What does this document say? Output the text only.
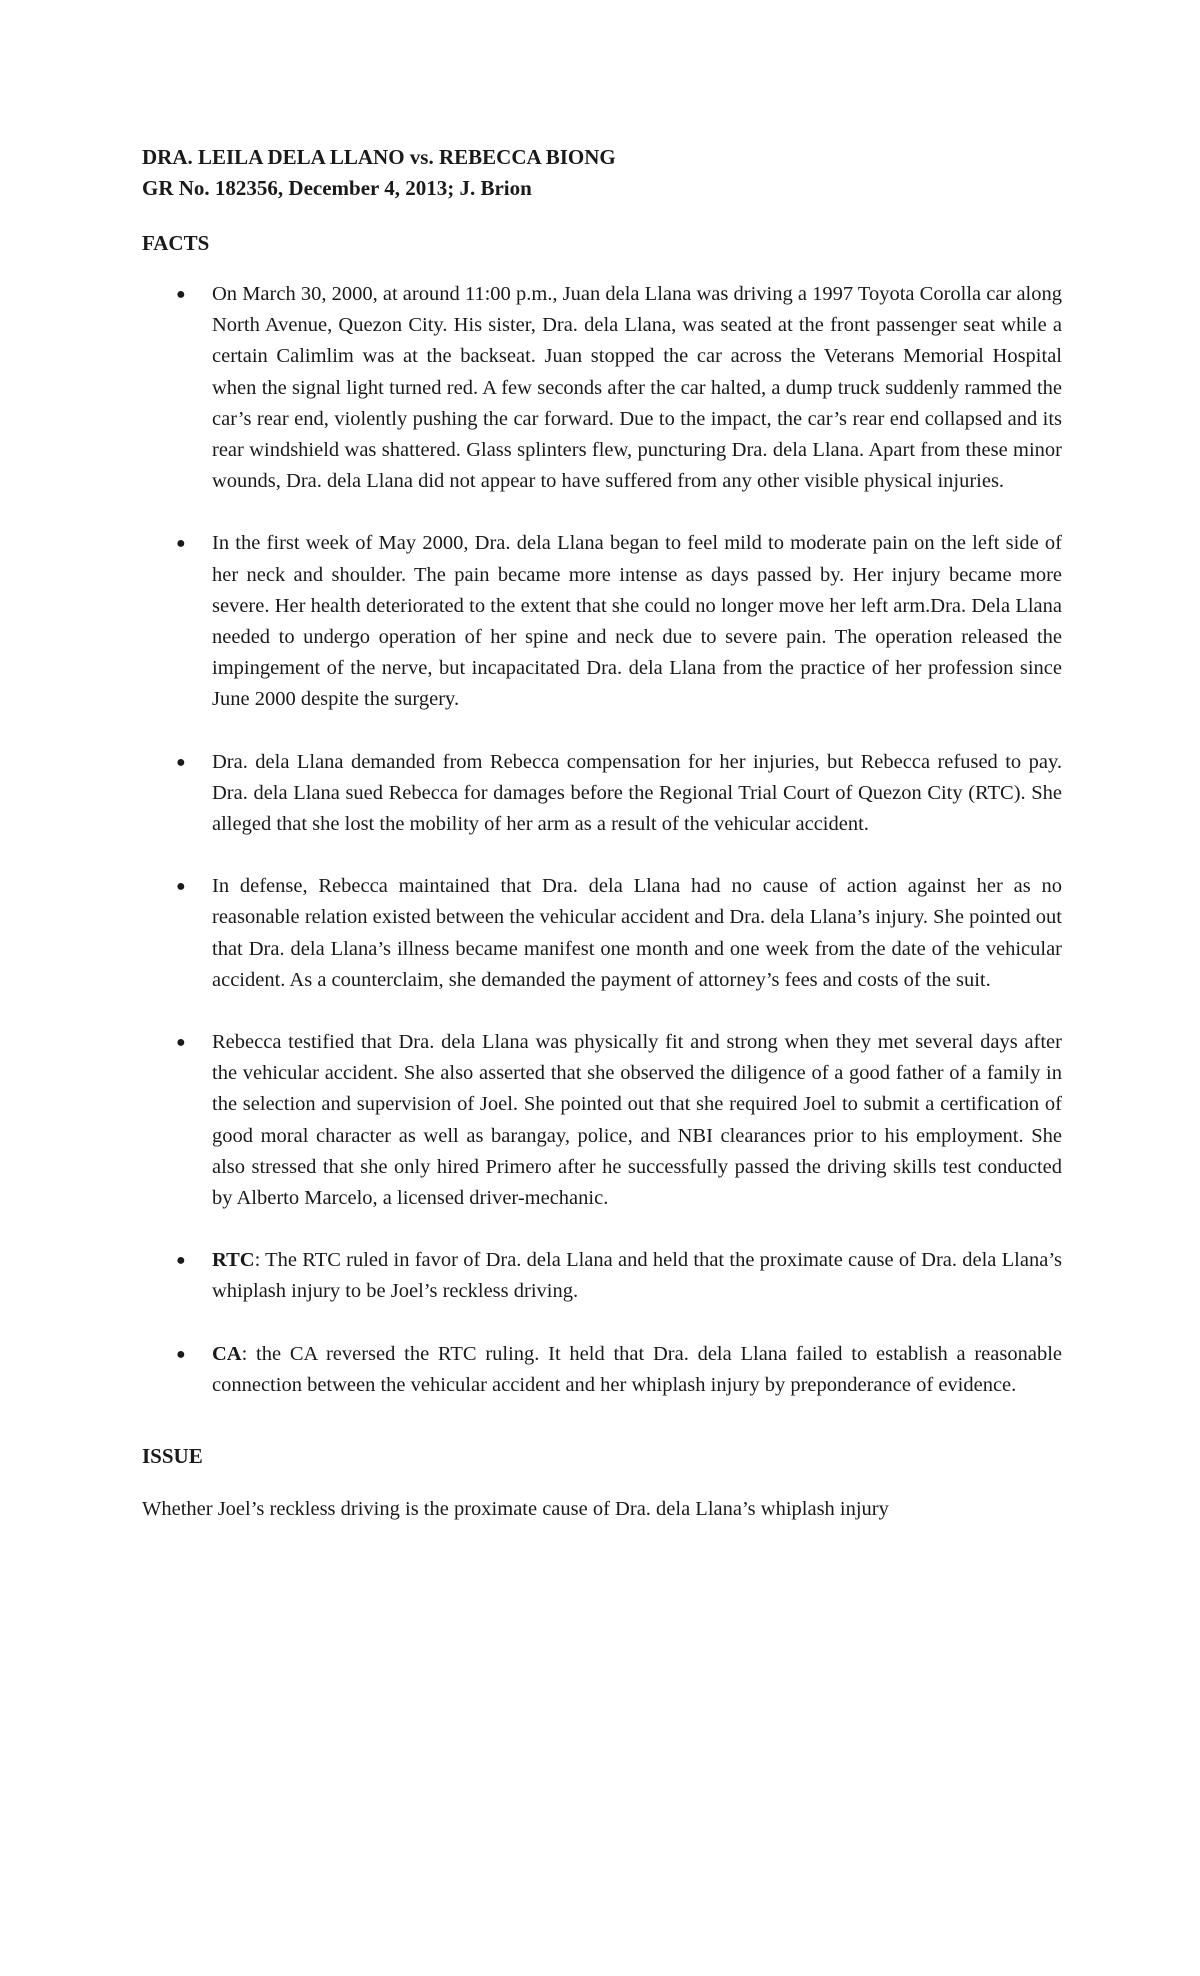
DRA. LEILA DELA LLANO vs. REBECCA BIONG

GR No. 182356, December 4, 2013; J. Brion

FACTS

● On March 30, 2000, at around 11:00 p.m., Juan dela Llana was driving a 1997 Toyota Corolla car along North Avenue, Quezon City. His sister, Dra. dela Llana, was seated at the front passenger seat while a certain Calimlim was at the backseat. Juan stopped the car across the Veterans Memorial Hospital when the signal light turned red. A few seconds after the car halted, a dump truck suddenly rammed the car’s rear end, violently pushing the car forward. Due to the impact, the car’s rear end collapsed and its rear windshield was shattered. Glass splinters flew, puncturing Dra. dela Llana. Apart from these minor wounds, Dra. dela Llana did not appear to have suffered from any other visible physical injuries.
● In the first week of May 2000, Dra. dela Llana began to feel mild to moderate pain on the left side of her neck and shoulder. The pain became more intense as days passed by. Her injury became more severe. Her health deteriorated to the extent that she could no longer move her left arm.Dra. Dela Llana needed to undergo operation of her spine and neck due to severe pain. The operation released the impingement of the nerve, but incapacitated Dra. dela Llana from the practice of her profession since June 2000 despite the surgery.
● Dra. dela Llana demanded from Rebecca compensation for her injuries, but Rebecca refused to pay. Dra. dela Llana sued Rebecca for damages before the Regional Trial Court of Quezon City (RTC). She alleged that she lost the mobility of her arm as a result of the vehicular accident.
● In defense, Rebecca maintained that Dra. dela Llana had no cause of action against her as no reasonable relation existed between the vehicular accident and Dra. dela Llana’s injury. She pointed out that Dra. dela Llana’s illness became manifest one month and one week from the date of the vehicular accident. As a counterclaim, she demanded the payment of attorney’s fees and costs of the suit.
● Rebecca testified that Dra. dela Llana was physically fit and strong when they met several days after the vehicular accident. She also asserted that she observed the diligence of a good father of a family in the selection and supervision of Joel. She pointed out that she required Joel to submit a certification of good moral character as well as barangay, police, and NBI clearances prior to his employment. She also stressed that she only hired Primero after he successfully passed the driving skills test conducted by Alberto Marcelo, a licensed driver-mechanic.
● RTC: The RTC ruled in favor of Dra. dela Llana and held that the proximate cause of Dra. dela Llana’s whiplash injury to be Joel’s reckless driving.
● CA: the CA reversed the RTC ruling. It held that Dra. dela Llana failed to establish a reasonable connection between the vehicular accident and her whiplash injury by preponderance of evidence.

ISSUE

Whether Joel’s reckless driving is the proximate cause of Dra. dela Llana’s whiplash injury
